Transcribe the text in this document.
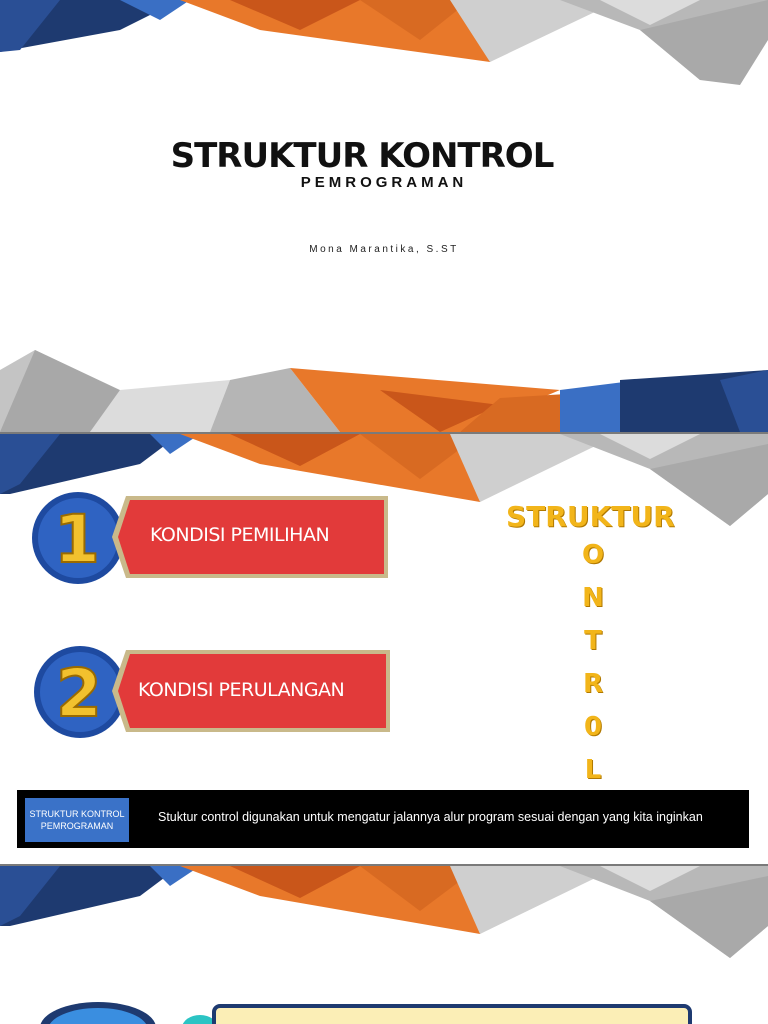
STRUKTUR KONTROL
PEMROGRAMAN
Mona Marantika, S.ST
1	KONDISI PEMILIHAN
2 KONDISI PERULANGAN
STRUKTUR
O
N
T
R
0
L
STRUKTUR KONTROL PEMROGRAMAN
Stuktur control digunakan untuk mengatur jalannya alur program sesuai dengan yang kita inginkan
